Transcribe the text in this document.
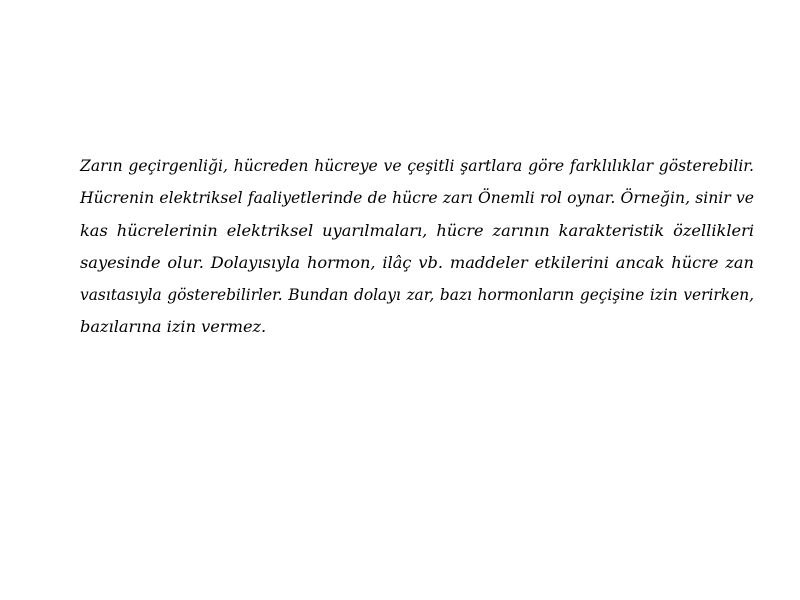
Zarın geçirgenliği, hücreden hücreye ve çeşitli şartlara göre farklılıklar gösterebilir.
Hücrenin elektriksel faaliyetlerinde de hücre zarı Önemli rol oynar. Örneğin, sinir ve
kas hücrelerinin elektriksel uyarılmaları, hücre zarının karakteristik özellikleri
sayesinde olur. Dolayısıyla hormon, ilâç vb. maddeler etkilerini ancak hücre zan
vasıtasıyla gösterebilirler. Bundan dolayı zar, bazı hormonların geçişine izin verirken,
bazılarına izin vermez.
